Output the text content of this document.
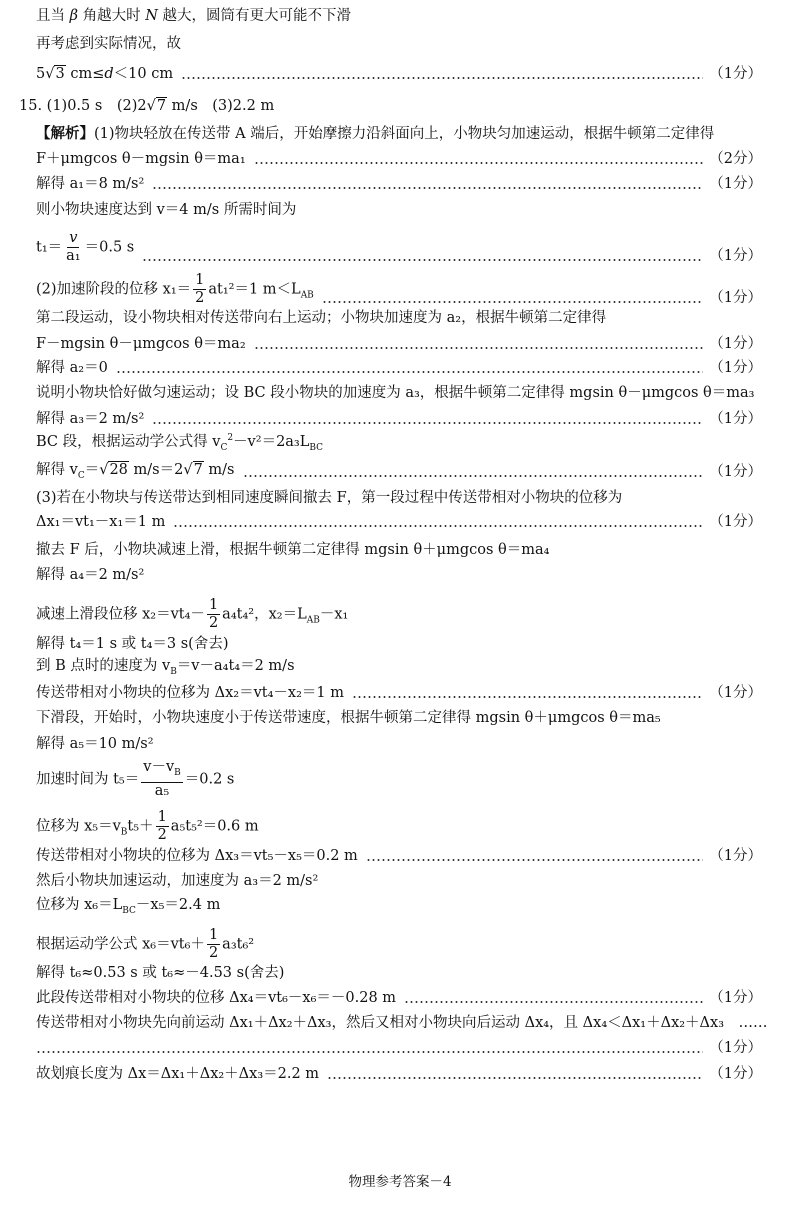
且当 β 角越大时 N 越大，圆筒有更大可能不下滑
再考虑到实际情况，故
5√3 cm≤d＜10 cm	（1分）
15. (1)0.5 s　(2)2√7 m/s　(3)2.2 m
【解析】(1)物块轻放在传送带 A 端后，开始摩擦力沿斜面向上，小物块匀加速运动，根据牛顿第二定律得
F＋μmgcos θ－mgsin θ＝ma₁	（2分）
解得 a₁＝8 m/s²	（1分）
则小物块速度达到 v＝4 m/s 所需时间为
$t_1= \frac{v}{\text{a₁}} =0.5$ s
（1分）
(2)加速阶段的位移 $x_1= \frac{1}{2} at_1^2=1$ $m<L_{AB}$	（1分）
第二段运动，设小物块相对传送带向右上运动；小物块加速度为 a₂，根据牛顿第二定律得
F－mgsin θ－μmgcos θ＝ma₂	（1分）
解得 a₂＝0	（1分）
说明小物块恰好做匀速运动；设 BC 段小物块的加速度为 a₃，根据牛顿第二定律得 mgsin θ－μmgcos θ＝ma₃
解得 a₃＝2 m/s²	（1分）
BC 段，根据运动学公式得 $v_C^2-v^2=2a_3L_{BC}$
解得 $v_C=√28$ m/s＝2√7 m/s	（1分）
(3)若在小物块与传送带达到相同速度瞬间撤去 F，第一段过程中传送带相对小物块的位移为
Δx₁＝vt₁－x₁＝1 m	（1分）
撤去 F 后，小物块减速上滑，根据牛顿第二定律得 mgsin θ＋μmgcos θ＝ma₄
解得 a₄＝2 m/s²
减速上滑段位移 $x_2=vt_4- \frac{1}{2} a_4t_4^2$，$x_2=L_{AB}-x_1$
解得 t₄＝1 s 或 t₄＝3 s(舍去)
到 B 点时的速度为 $v_B=v-a_4t_4=2$ m/s
传送带相对小物块的位移为 Δx₂＝vt₄－x₂＝1 m	（1分）
下滑段，开始时，小物块速度小于传送带速度，根据牛顿第二定律得 mgsin θ＋μmgcos θ＝ma₅
解得 a₅＝10 m/s²
加速时间为 $t_5= \frac{v-v_B}{\text{a₅}} =0.2$ s
位移为 $x_5=v_Bt_5+ \frac{1}{2} a_5t_5^2=0.6$ m
传送带相对小物块的位移为 Δx₃＝vt₅－x₅＝0.2 m	（1分）
然后小物块加速运动，加速度为 a₃＝2 m/s²
位移为 $x_6=L_{BC}-x_5=2.4$ m
根据运动学公式 $x_6=vt_6+ \frac{1}{2} a_3t_6^2$
解得 t₆≈0.53 s 或 t₆≈－4.53 s(舍去)
此段传送带相对小物块的位移 Δx₄＝vt₆－x₆＝－0.28 m	（1分）
传送带相对小物块先向前运动 Δx₁＋Δx₂＋Δx₃，然后又相对小物块向后运动 Δx₄，且 Δx₄＜Δx₁＋Δx₂＋Δx₃　……
（1分）
故划痕长度为 Δx＝Δx₁＋Δx₂＋Δx₃＝2.2 m	（1分）
物理参考答案－4
